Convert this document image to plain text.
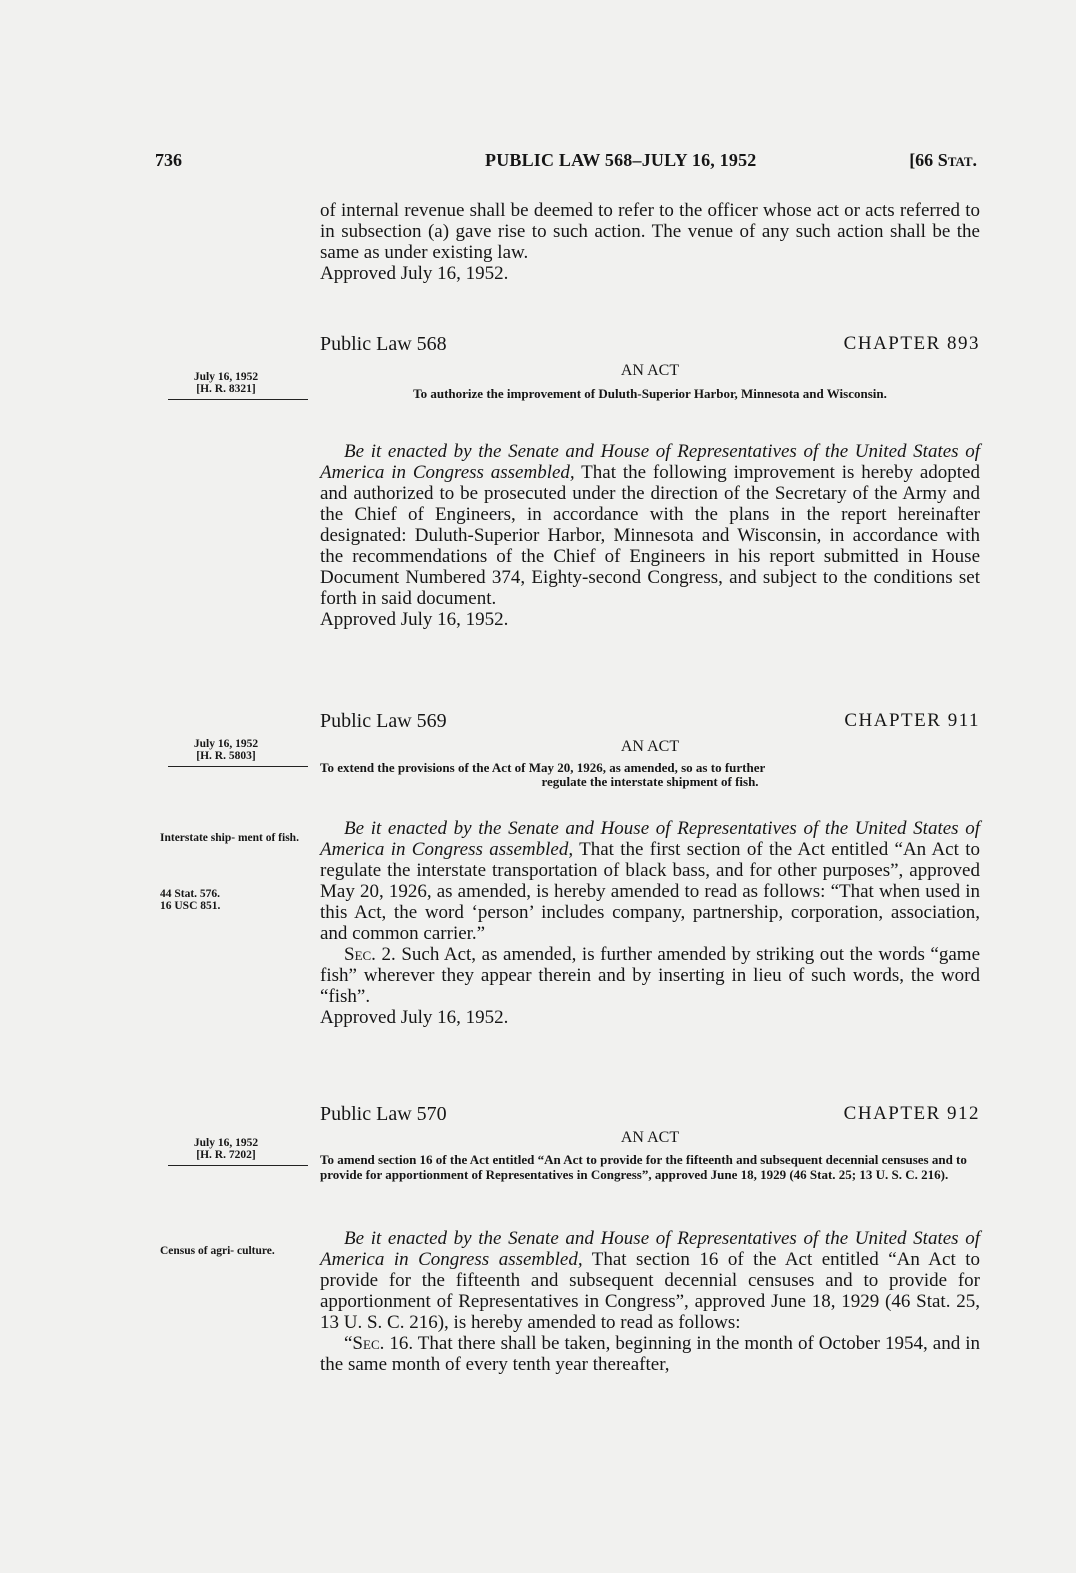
736	PUBLIC LAW 568–JULY 16, 1952	[66 Stat.

of internal revenue shall be deemed to refer to the officer whose act or acts referred to in subsection (a) gave rise to such action. The venue of any such action shall be the same as under existing law.

Approved July 16, 1952.

Public Law 568	CHAPTER 893
AN ACT
July 16, 1952
[H. R. 8321]	To authorize the improvement of Duluth-Superior Harbor, Minnesota and Wisconsin.

Be it enacted by the Senate and House of Representatives of the United States of America in Congress assembled, That the following improvement is hereby adopted and authorized to be prosecuted under the direction of the Secretary of the Army and the Chief of Engineers, in accordance with the plans in the report hereinafter designated: Duluth-Superior Harbor, Minnesota and Wisconsin, in accordance with the recommendations of the Chief of Engineers in his report submitted in House Document Numbered 374, Eighty-second Congress, and subject to the conditions set forth in said document.

Approved July 16, 1952.

Public Law 569	CHAPTER 911
AN ACT
July 16, 1952
[H. R. 5803]
To extend the provisions of the Act of May 20, 1926, as amended, so as to further
regulate the interstate shipment of fish.
Interstate ship- ment of fish.
44 Stat. 576.
16 USC 851.

Be it enacted by the Senate and House of Representatives of the United States of America in Congress assembled, That the first section of the Act entitled “An Act to regulate the interstate transportation of black bass, and for other purposes”, approved May 20, 1926, as amended, is hereby amended to read as follows: “That when used in this Act, the word ‘person’ includes company, partnership, corporation, association, and common carrier.”

Sec. 2. Such Act, as amended, is further amended by striking out the words “game fish” wherever they appear therein and by inserting in lieu of such words, the word “fish”.

Approved July 16, 1952.

Public Law 570	CHAPTER 912
AN ACT
July 16, 1952
[H. R. 7202]	To amend section 16 of the Act entitled “An Act to provide for the fifteenth and subsequent decennial censuses and to provide for apportionment of Representatives in Congress”, approved June 18, 1929 (46 Stat. 25; 13 U. S. C. 216).
Census of agri- culture.

Be it enacted by the Senate and House of Representatives of the United States of America in Congress assembled, That section 16 of the Act entitled “An Act to provide for the fifteenth and subsequent decennial censuses and to provide for apportionment of Representatives in Congress”, approved June 18, 1929 (46 Stat. 25, 13 U. S. C. 216), is hereby amended to read as follows:

“Sec. 16. That there shall be taken, beginning in the month of October 1954, and in the same month of every tenth year thereafter,
